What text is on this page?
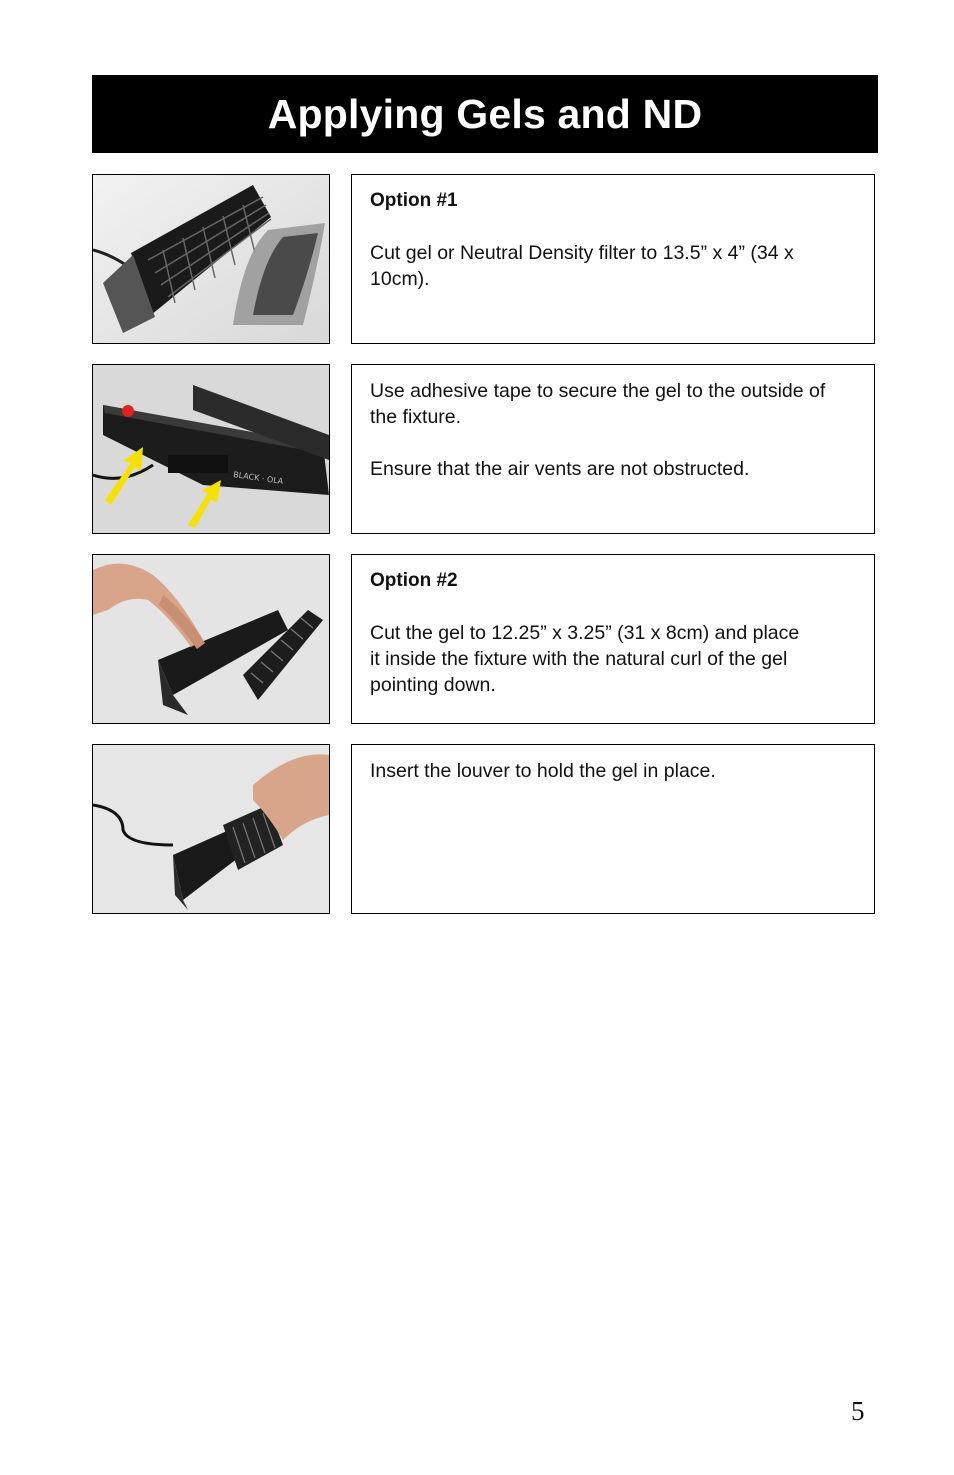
Applying Gels and ND

Option #1

Cut gel or Neutral Density filter to 13.5” x 4” (34 x 10cm).

BLACK · OLA

Use adhesive tape to secure the gel to the outside of the fixture.

Ensure that the air vents are not obstructed.

Option #2

Cut the gel to 12.25” x 3.25” (31 x 8cm) and place it inside the fixture with the natural curl of the gel pointing down.

Insert the louver to hold the gel in place.

5
